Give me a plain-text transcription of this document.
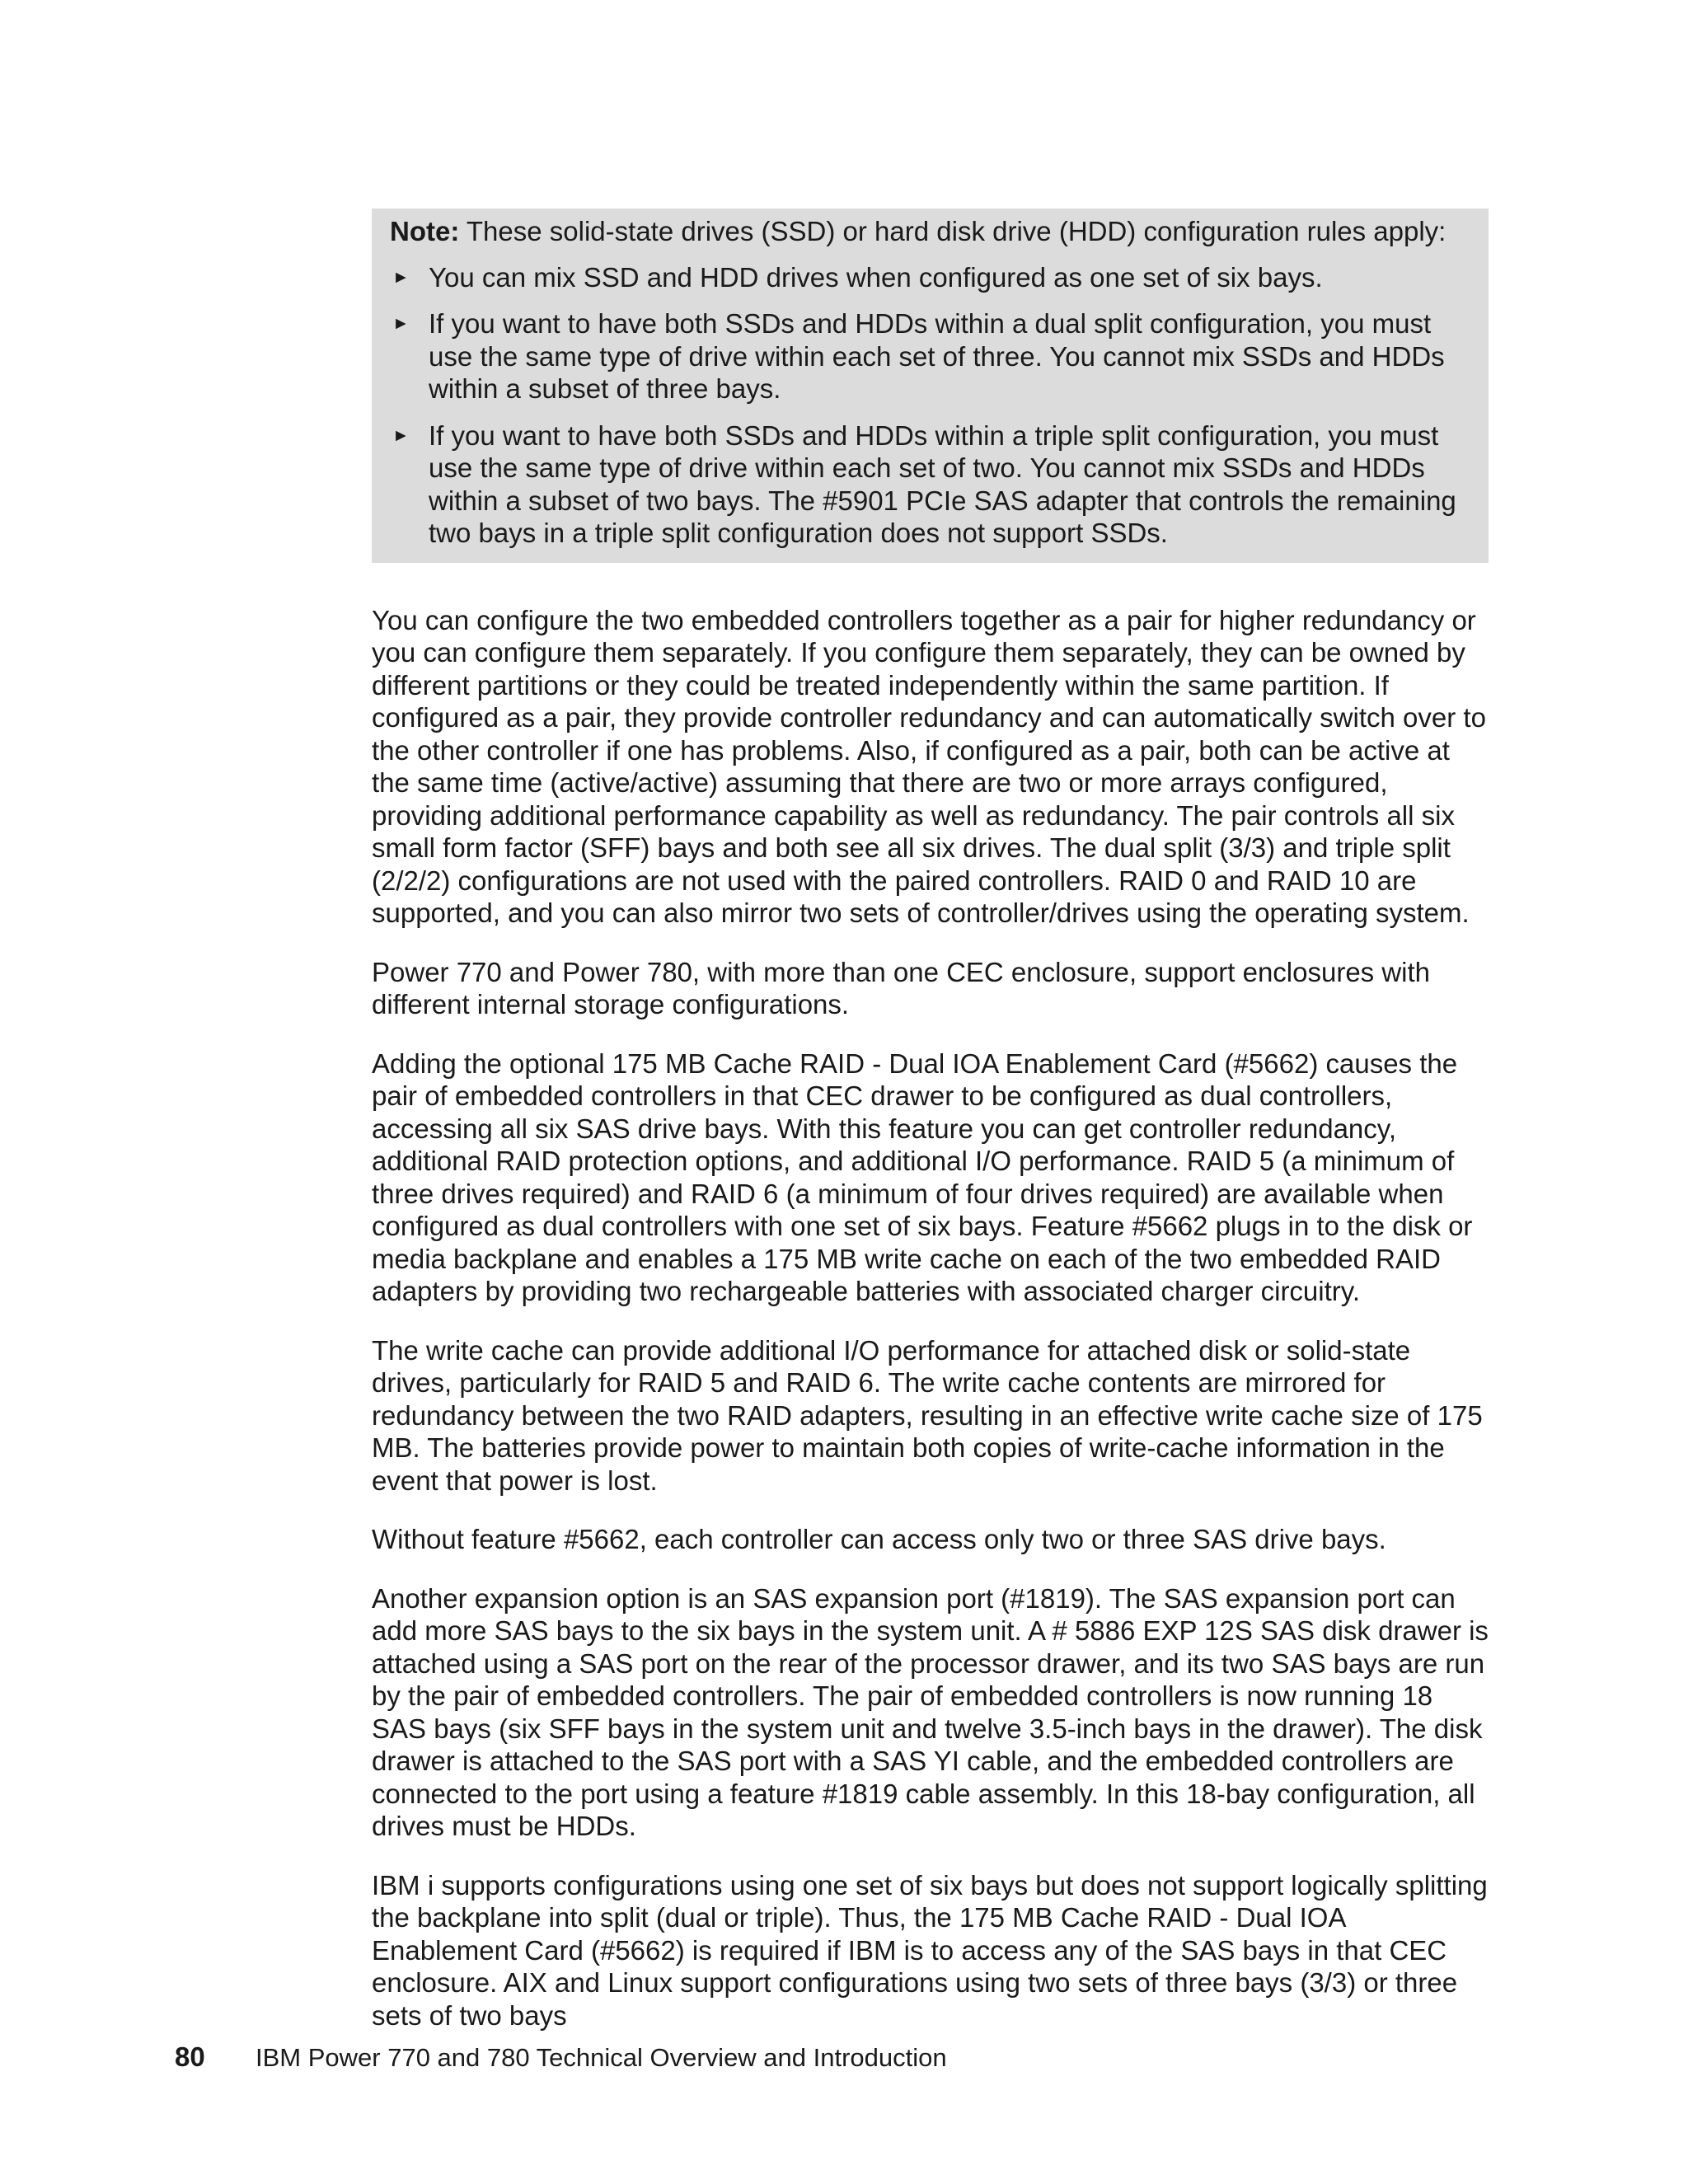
Note: These solid-state drives (SSD) or hard disk drive (HDD) configuration rules apply:

► You can mix SSD and HDD drives when configured as one set of six bays.
► If you want to have both SSDs and HDDs within a dual split configuration, you must use the same type of drive within each set of three. You cannot mix SSDs and HDDs within a subset of three bays.
► If you want to have both SSDs and HDDs within a triple split configuration, you must use the same type of drive within each set of two. You cannot mix SSDs and HDDs within a subset of two bays. The #5901 PCIe SAS adapter that controls the remaining two bays in a triple split configuration does not support SSDs.

You can configure the two embedded controllers together as a pair for higher redundancy or you can configure them separately. If you configure them separately, they can be owned by different partitions or they could be treated independently within the same partition. If configured as a pair, they provide controller redundancy and can automatically switch over to the other controller if one has problems. Also, if configured as a pair, both can be active at the same time (active/active) assuming that there are two or more arrays configured, providing additional performance capability as well as redundancy. The pair controls all six small form factor (SFF) bays and both see all six drives. The dual split (3/3) and triple split (2/2/2) configurations are not used with the paired controllers. RAID 0 and RAID 10 are supported, and you can also mirror two sets of controller/drives using the operating system.

Power 770 and Power 780, with more than one CEC enclosure, support enclosures with different internal storage configurations.

Adding the optional 175 MB Cache RAID - Dual IOA Enablement Card (#5662) causes the pair of embedded controllers in that CEC drawer to be configured as dual controllers, accessing all six SAS drive bays. With this feature you can get controller redundancy, additional RAID protection options, and additional I/O performance. RAID 5 (a minimum of three drives required) and RAID 6 (a minimum of four drives required) are available when configured as dual controllers with one set of six bays. Feature #5662 plugs in to the disk or media backplane and enables a 175 MB write cache on each of the two embedded RAID adapters by providing two rechargeable batteries with associated charger circuitry.

The write cache can provide additional I/O performance for attached disk or solid-state drives, particularly for RAID 5 and RAID 6. The write cache contents are mirrored for redundancy between the two RAID adapters, resulting in an effective write cache size of 175 MB. The batteries provide power to maintain both copies of write-cache information in the event that power is lost.

Without feature #5662, each controller can access only two or three SAS drive bays.

Another expansion option is an SAS expansion port (#1819). The SAS expansion port can add more SAS bays to the six bays in the system unit. A # 5886 EXP 12S SAS disk drawer is attached using a SAS port on the rear of the processor drawer, and its two SAS bays are run by the pair of embedded controllers. The pair of embedded controllers is now running 18 SAS bays (six SFF bays in the system unit and twelve 3.5-inch bays in the drawer). The disk drawer is attached to the SAS port with a SAS YI cable, and the embedded controllers are connected to the port using a feature #1819 cable assembly. In this 18-bay configuration, all drives must be HDDs.

IBM i supports configurations using one set of six bays but does not support logically splitting the backplane into split (dual or triple). Thus, the 175 MB Cache RAID - Dual IOA Enablement Card (#5662) is required if IBM is to access any of the SAS bays in that CEC enclosure. AIX and Linux support configurations using two sets of three bays (3/3) or three sets of two bays

80 IBM Power 770 and 780 Technical Overview and Introduction
